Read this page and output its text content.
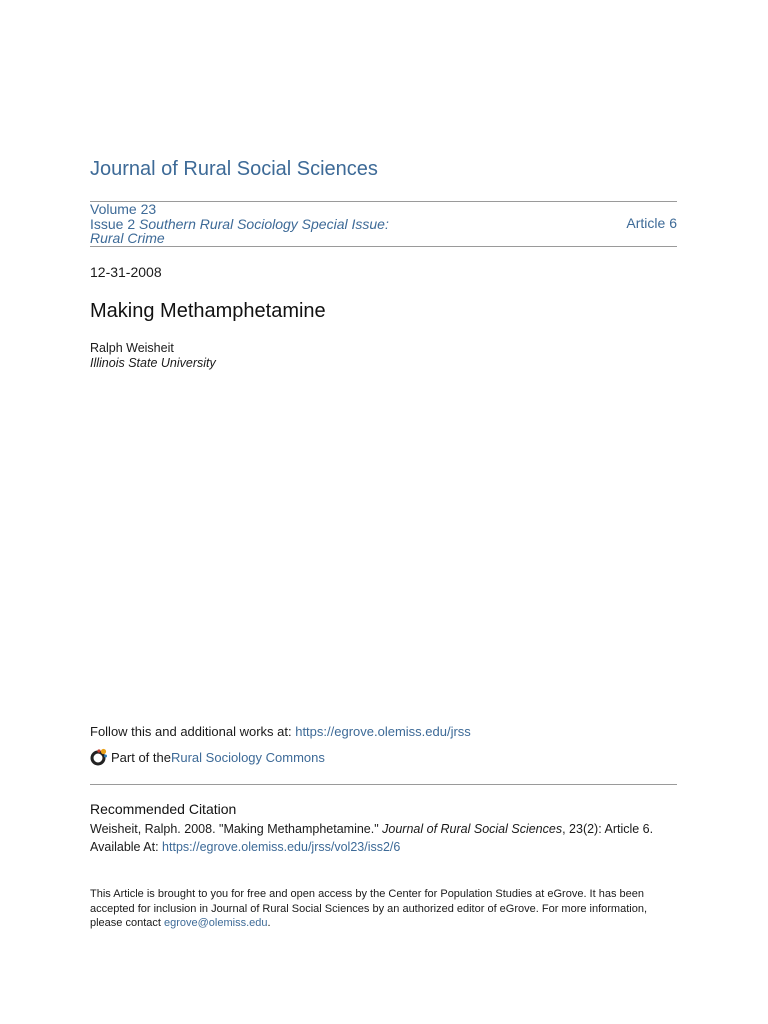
Journal of Rural Social Sciences
Volume 23
Issue 2 Southern Rural Sociology Special Issue:
Rural Crime
Article 6
12-31-2008
Making Methamphetamine
Ralph Weisheit
Illinois State University
Follow this and additional works at: https://egrove.olemiss.edu/jrss
Part of the Rural Sociology Commons
Recommended Citation
Weisheit, Ralph. 2008. "Making Methamphetamine." Journal of Rural Social Sciences, 23(2): Article 6.
Available At: https://egrove.olemiss.edu/jrss/vol23/iss2/6
This Article is brought to you for free and open access by the Center for Population Studies at eGrove. It has been accepted for inclusion in Journal of Rural Social Sciences by an authorized editor of eGrove. For more information, please contact egrove@olemiss.edu.
